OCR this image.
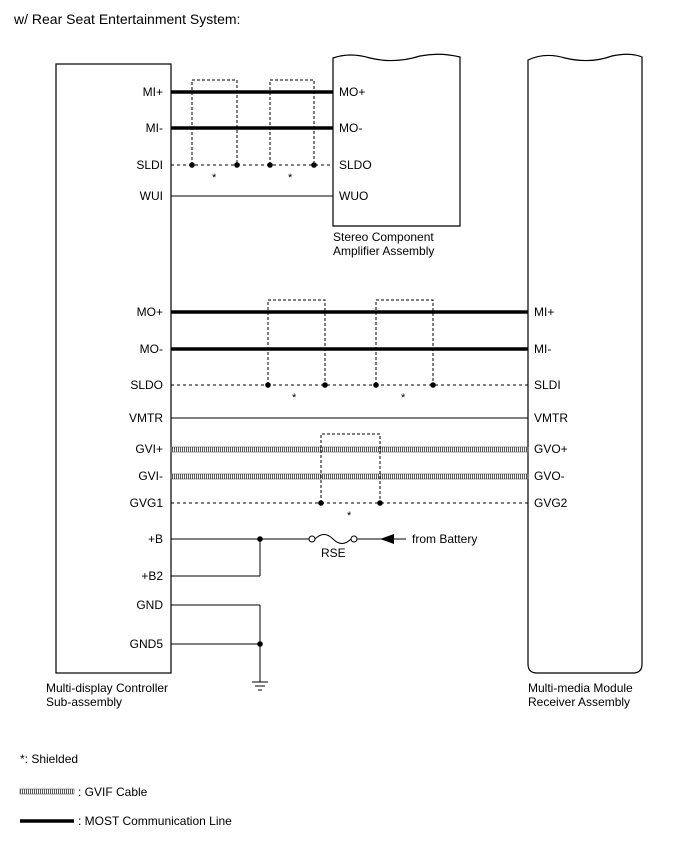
w/ Rear Seat Entertainment System:
*	*
*	*
*
RSE
from Battery
MI+
MI-
SLDI
WUI
MO+
MO-
SLDO
VMTR
GVI+
GVI-
GVG1
+B
+B2
GND
GND5
MO+
MO-
SLDO
WUO
MI+
MI-
SLDI
VMTR
GVO+
GVO-
GVG2
Stereo Component
Amplifier Assembly
Multi-display Controller
Sub-assembly
Multi-media Module
Receiver Assembly
*: Shielded
: GVIF Cable
: MOST Communication Line
